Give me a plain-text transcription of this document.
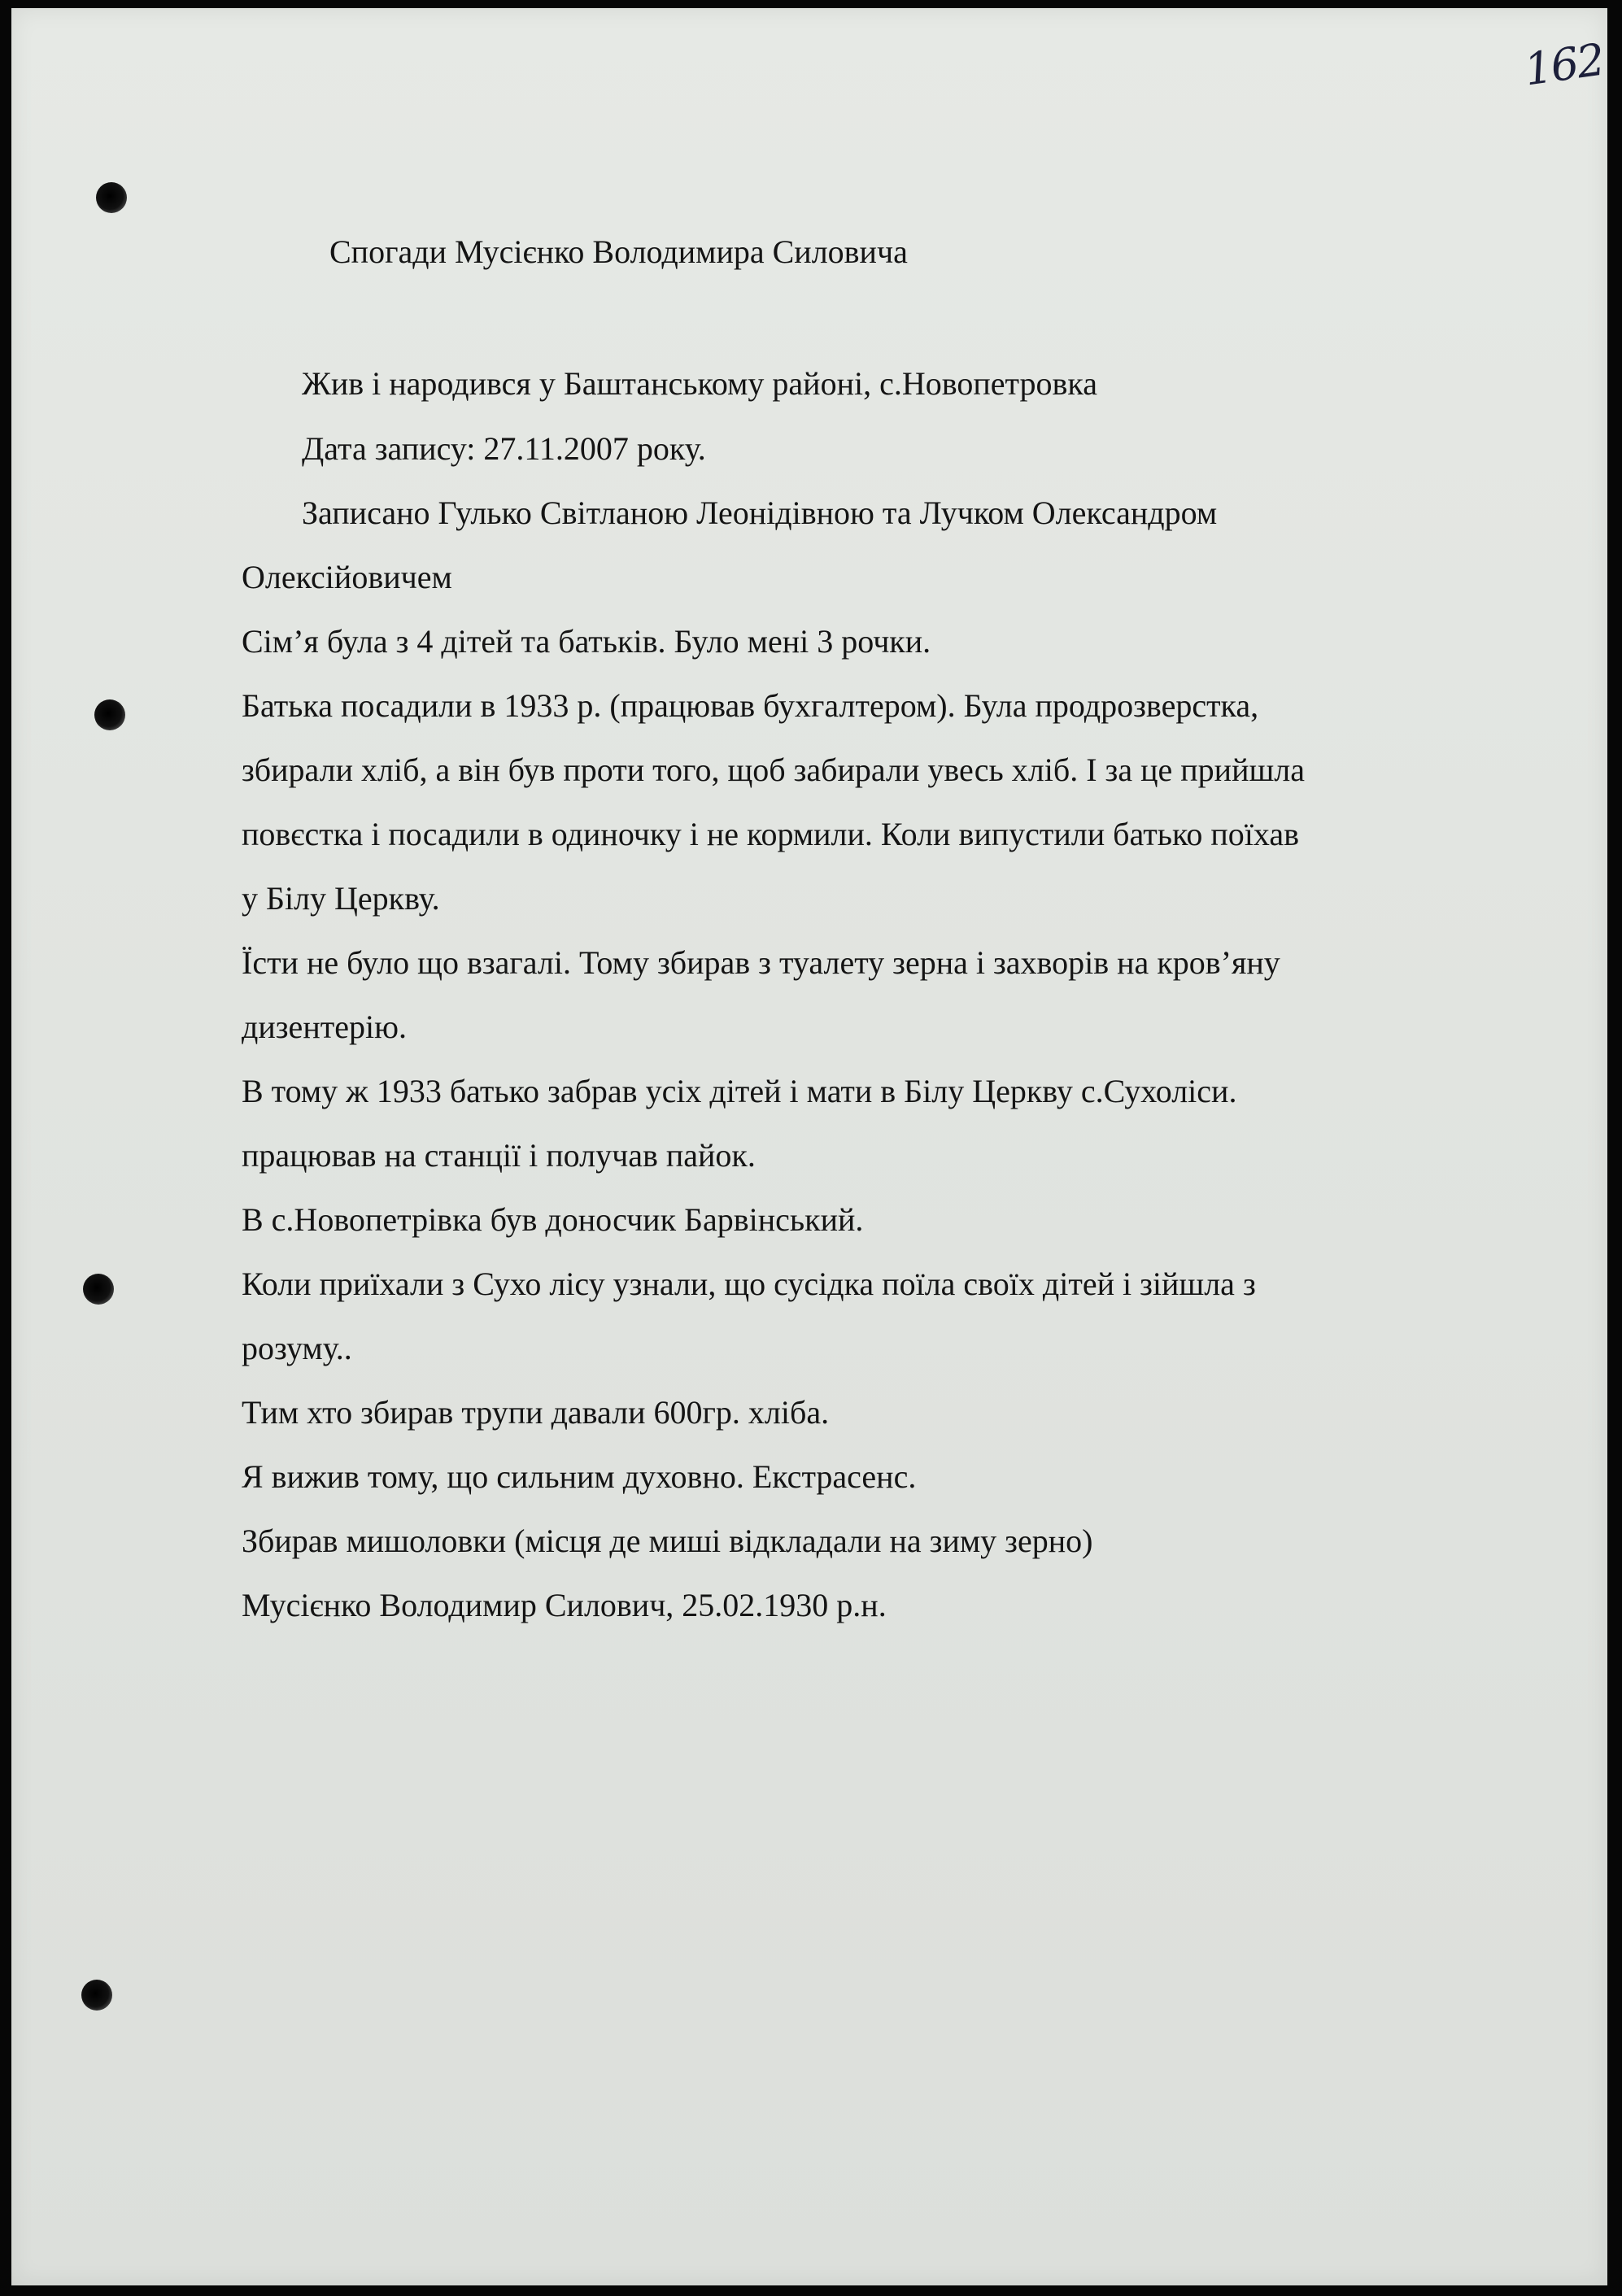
162
Спогади Мусієнко Володимира Силовича
Жив і народився у Баштанському районі, с.Новопетровка
Дата запису: 27.11.2007 року.
Записано Гулько Світланою Леонідівною та Лучком Олександром
Олексійовичем
Сім’я була з 4 дітей та батьків. Було мені 3 рочки.
Батька посадили в 1933 р. (працював бухгалтером). Була продрозверстка,
збирали хліб, а він був проти того, щоб забирали увесь хліб. І за це прийшла
повєстка і посадили в одиночку і не кормили. Коли випустили батько поїхав
у Білу Церкву.
Їсти не було що взагалі. Тому збирав з туалету зерна і захворів на кров’яну
дизентерію.
В тому ж 1933 батько забрав усіх дітей і мати в Білу Церкву с.Сухоліси.
працював на станції і получав пайок.
В с.Новопетрівка був доносчик Барвінський.
Коли приїхали з Сухо лісу узнали, що сусідка поїла своїх дітей і зійшла з
розуму..
Тим хто збирав трупи давали 600гр. хліба.
Я вижив тому, що сильним духовно. Екстрасенс.
Збирав мишоловки (місця де миші відкладали на зиму зерно)
Мусієнко Володимир Силович, 25.02.1930 р.н.
